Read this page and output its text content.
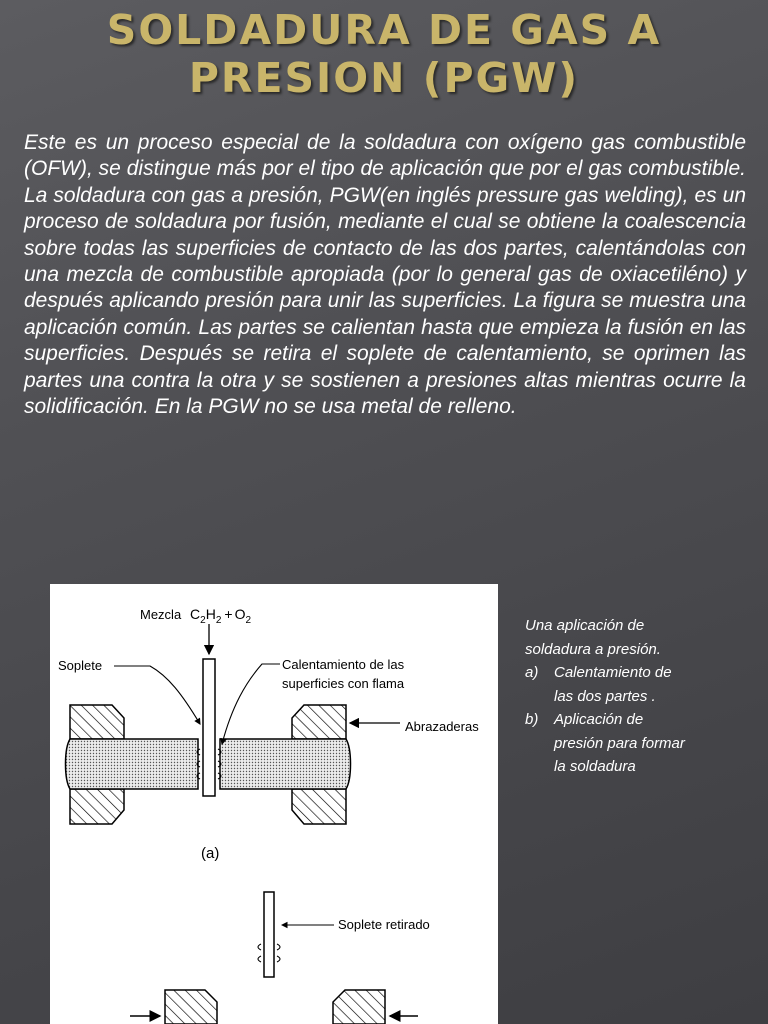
SOLDADURA DE GAS A
PRESION (PGW)

Este es un proceso especial de la soldadura con oxígeno gas combustible (OFW), se distingue más por el tipo de aplicación que por el gas combustible. La soldadura con gas a presión, PGW(en inglés pressure gas welding), es un proceso de soldadura por fusión, mediante el cual se obtiene la coalescencia sobre todas las superficies de contacto de las dos partes, calentándolas con una mezcla de combustible apropiada (por lo general gas de oxiacetiléno) y después aplicando presión para unir las superficies. La figura se muestra una aplicación común. Las partes se calientan hasta que empieza la fusión en las superficies. Después se retira el soplete de calentamiento, se oprimen las partes una contra la otra y se sostienen a presiones altas mientras ocurre la solidificación. En la PGW no se usa metal de relleno.

Mezcla $C_2H_2 + O_2$
Soplete	Calentamiento de las
superficies con flama
Abrazaderas
(a)
Soplete retirado
Una aplicación de
soldadura a presión.
a) Calentamiento de
las dos partes .
b) Aplicación de
presión para formar
la soldadura
